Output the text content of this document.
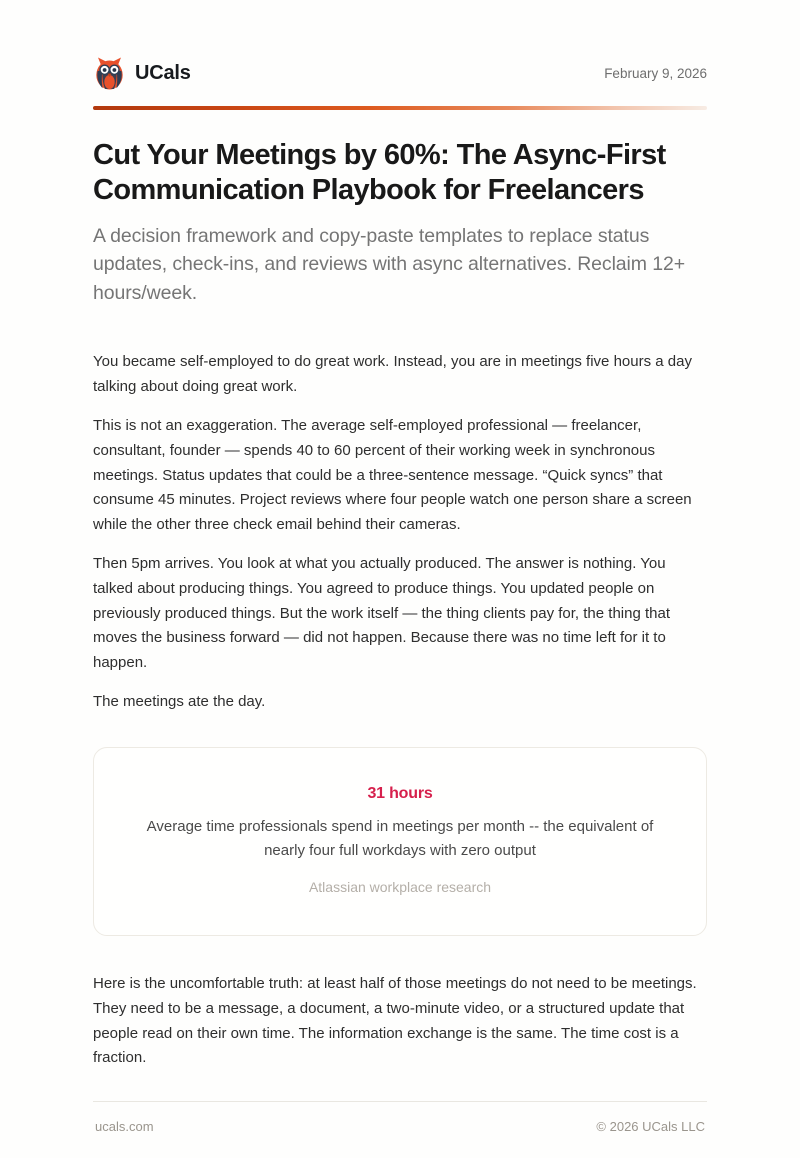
UCals	February 9, 2026
Cut Your Meetings by 60%: The Async-First Communication Playbook for Freelancers

A decision framework and copy-paste templates to replace status updates, check-ins, and reviews with async alternatives. Reclaim 12+ hours/week.

You became self-employed to do great work. Instead, you are in meetings five hours a day talking about doing great work.

This is not an exaggeration. The average self-employed professional — freelancer, consultant, founder — spends 40 to 60 percent of their working week in synchronous meetings. Status updates that could be a three-sentence message. “Quick syncs” that consume 45 minutes. Project reviews where four people watch one person share a screen while the other three check email behind their cameras.

Then 5pm arrives. You look at what you actually produced. The answer is nothing. You talked about producing things. You agreed to produce things. You updated people on previously produced things. But the work itself — the thing clients pay for, the thing that moves the business forward — did not happen. Because there was no time left for it to happen.

The meetings ate the day.

31 hours
Average time professionals spend in meetings per month -- the equivalent of nearly four full workdays with zero output
Atlassian workplace research

Here is the uncomfortable truth: at least half of those meetings do not need to be meetings. They need to be a message, a document, a two-minute video, or a structured update that people read on their own time. The information exchange is the same. The time cost is a fraction.

ucals.com	© 2026 UCals LLC
